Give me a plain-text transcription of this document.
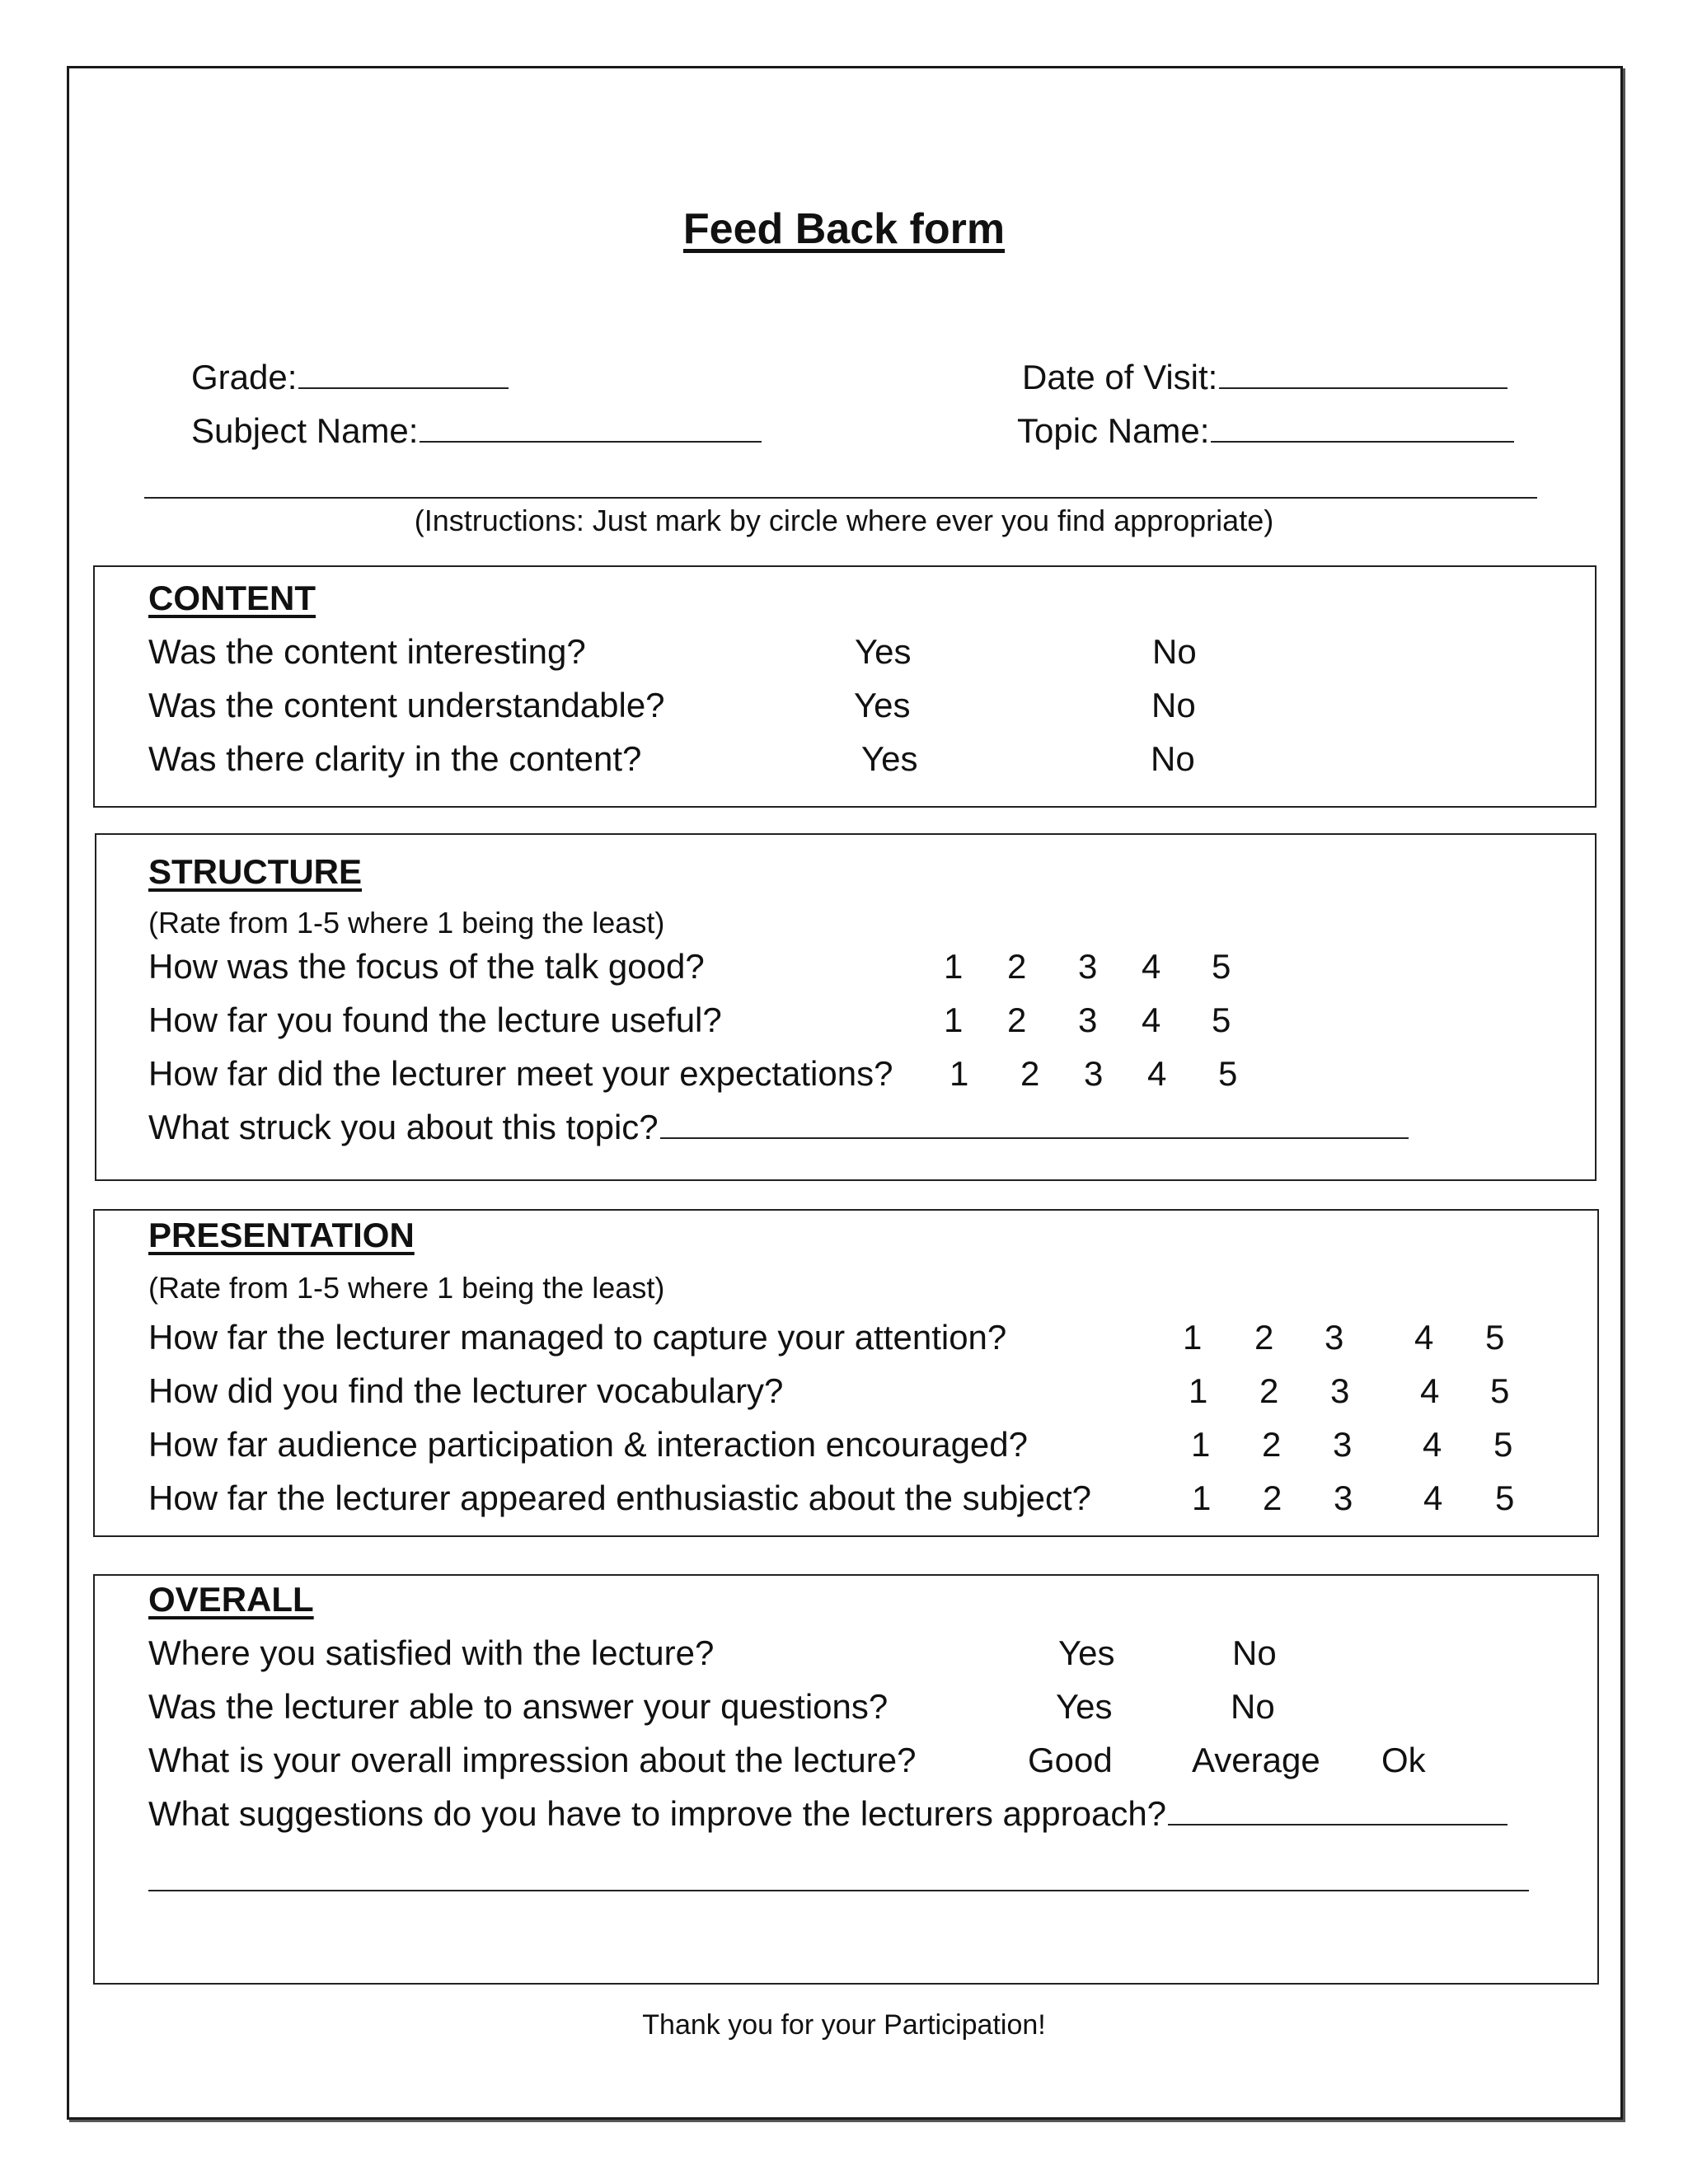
Feed Back form
Grade:	Date of Visit:
Subject Name:	Topic Name:
(Instructions: Just mark by circle where ever you find appropriate)
CONTENT
Was the content interesting?	Yes	No
Was the content understandable?	Yes	No
Was there clarity in the content?	Yes	No
STRUCTURE
(Rate from 1-5 where 1 being the least)
How was the focus of the talk good?	1 2 3 4 5
How far you found the lecture useful?	1 2 3 4 5
How far did the lecturer meet your expectations? 1 2 3 4 5
What struck you about this topic?
PRESENTATION
(Rate from 1-5 where 1 being the least)
How far the lecturer managed to capture your attention?	1 2 3 4 5
How did you find the lecturer vocabulary?	1 2 3 4 5
How far audience participation & interaction encouraged?	1 2 3 4 5
How far the lecturer appeared enthusiastic about the subject?	1 2 3 4 5
OVERALL
Where you satisfied with the lecture?	Yes	No
Was the lecturer able to answer your questions?	Yes	No
What is your overall impression about the lecture?	Good Average Ok
What suggestions do you have to improve the lecturers approach?
Thank you for your Participation!
